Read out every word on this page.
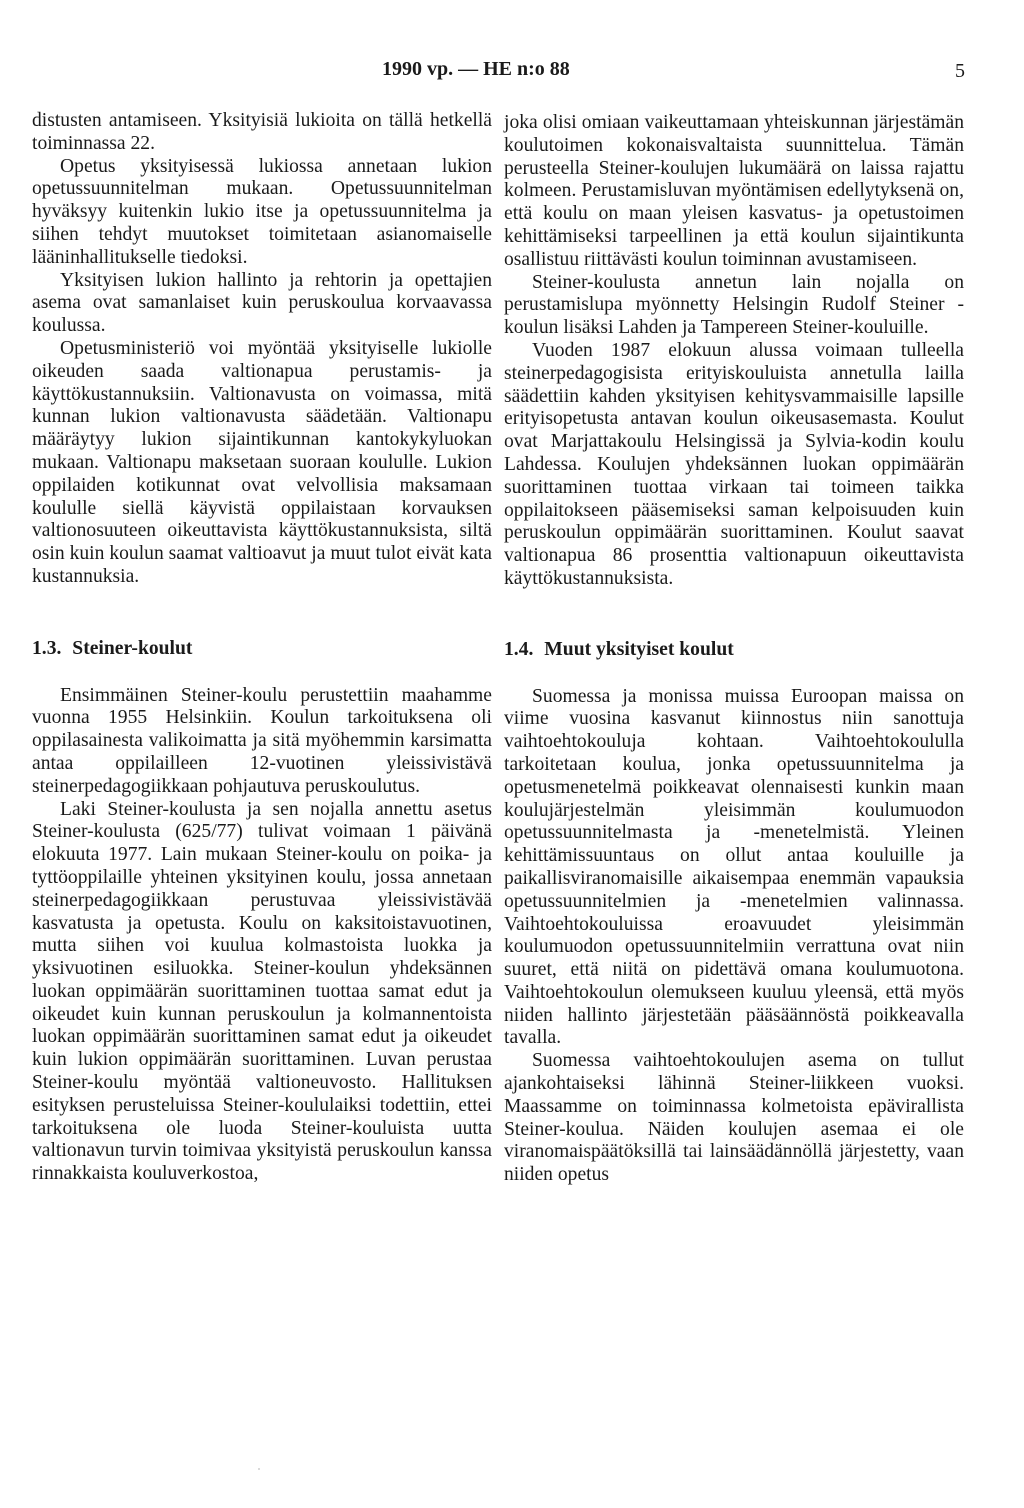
1990 vp. — HE n:o 88	5

distusten antamiseen. Yksityisiä lukioita on tällä hetkellä toiminnassa 22.

Opetus yksityisessä lukiossa annetaan lukion opetussuunnitelman mukaan. Opetussuunnitelman hyväksyy kuitenkin lukio itse ja opetussuunnitelma ja siihen tehdyt muutokset toimitetaan asianomaiselle lääninhallitukselle tiedoksi.

Yksityisen lukion hallinto ja rehtorin ja opettajien asema ovat samanlaiset kuin peruskoulua korvaavassa koulussa.

Opetusministeriö voi myöntää yksityiselle lukiolle oikeuden saada valtionapua perustamis- ja käyttökustannuksiin. Valtionavusta on voimassa, mitä kunnan lukion valtionavusta säädetään. Valtionapu määräytyy lukion sijaintikunnan kantokykyluokan mukaan. Valtionapu maksetaan suoraan koululle. Lukion oppilaiden kotikunnat ovat velvollisia maksamaan koululle siellä käyvistä oppilaistaan korvauksen valtionosuuteen oikeuttavista käyttökustannuksista, siltä osin kuin koulun saamat valtioavut ja muut tulot eivät kata kustannuksia.

1.3. Steiner-koulut

Ensimmäinen Steiner-koulu perustettiin maahamme vuonna 1955 Helsinkiin. Koulun tarkoituksena oli oppilasainesta valikoimatta ja sitä myöhemmin karsimatta antaa oppilailleen 12-vuotinen yleissivistävä steinerpedagogiikkaan pohjautuva peruskoulutus.

Laki Steiner-koulusta ja sen nojalla annettu asetus Steiner-koulusta (625/77) tulivat voimaan 1 päivänä elokuuta 1977. Lain mukaan Steiner-koulu on poika- ja tyttöoppilaille yhteinen yksityinen koulu, jossa annetaan steinerpedagogiikkaan perustuvaa yleissivistävää kasvatusta ja opetusta. Koulu on kaksitoistavuotinen, mutta siihen voi kuulua kolmastoista luokka ja yksivuotinen esiluokka. Steiner-koulun yhdeksännen luokan oppimäärän suorittaminen tuottaa samat edut ja oikeudet kuin kunnan peruskoulun ja kolmannentoista luokan oppimäärän suorittaminen samat edut ja oikeudet kuin lukion oppimäärän suorittaminen. Luvan perustaa Steiner-koulu myöntää valtioneuvosto. Hallituksen esityksen perusteluissa Steiner-koululaiksi todettiin, ettei tarkoituksena ole luoda Steiner-kouluista uutta valtionavun turvin toimivaa yksityistä peruskoulun kanssa rinnakkaista kouluverkostoa,

joka olisi omiaan vaikeuttamaan yhteiskunnan järjestämän koulutoimen kokonaisvaltaista suunnittelua. Tämän perusteella Steiner-koulujen lukumäärä on laissa rajattu kolmeen. Perustamisluvan myöntämisen edellytyksenä on, että koulu on maan yleisen kasvatus- ja opetustoimen kehittämiseksi tarpeellinen ja että koulun sijaintikunta osallistuu riittävästi koulun toiminnan avustamiseen.

Steiner-koulusta annetun lain nojalla on perustamislupa myönnetty Helsingin Rudolf Steiner -koulun lisäksi Lahden ja Tampereen Steiner-kouluille.

Vuoden 1987 elokuun alussa voimaan tulleella steinerpedagogisista erityiskouluista annetulla lailla säädettiin kahden yksityisen kehitysvammaisille lapsille erityisopetusta antavan koulun oikeusasemasta. Koulut ovat Marjattakoulu Helsingissä ja Sylvia-kodin koulu Lahdessa. Koulujen yhdeksännen luokan oppimäärän suorittaminen tuottaa virkaan tai toimeen taikka oppilaitokseen pääsemiseksi saman kelpoisuuden kuin peruskoulun oppimäärän suorittaminen. Koulut saavat valtionapua 86 prosenttia valtionapuun oikeuttavista käyttökustannuksista.

1.4. Muut yksityiset koulut

Suomessa ja monissa muissa Euroopan maissa on viime vuosina kasvanut kiinnostus niin sanottuja vaihtoehtokouluja kohtaan. Vaihtoehtokoululla tarkoitetaan koulua, jonka opetussuunnitelma ja opetusmenetelmä poikkeavat olennaisesti kunkin maan koulujärjestelmän yleisimmän koulumuodon opetussuunnitelmasta ja -menetelmistä. Yleinen kehittämissuuntaus on ollut antaa kouluille ja paikallisviranomaisille aikaisempaa enemmän vapauksia opetussuunnitelmien ja -menetelmien valinnassa. Vaihtoehtokouluissa eroavuudet yleisimmän koulumuodon opetussuunnitelmiin verrattuna ovat niin suuret, että niitä on pidettävä omana koulumuotona. Vaihtoehtokoulun olemukseen kuuluu yleensä, että myös niiden hallinto järjestetään pääsäännöstä poikkeavalla tavalla.

Suomessa vaihtoehtokoulujen asema on tullut ajankohtaiseksi lähinnä Steiner-liikkeen vuoksi. Maassamme on toiminnassa kolmetoista epävirallista Steiner-koulua. Näiden koulujen asemaa ei ole viranomaispäätöksillä tai lainsäädännöllä järjestetty, vaan niiden opetus
